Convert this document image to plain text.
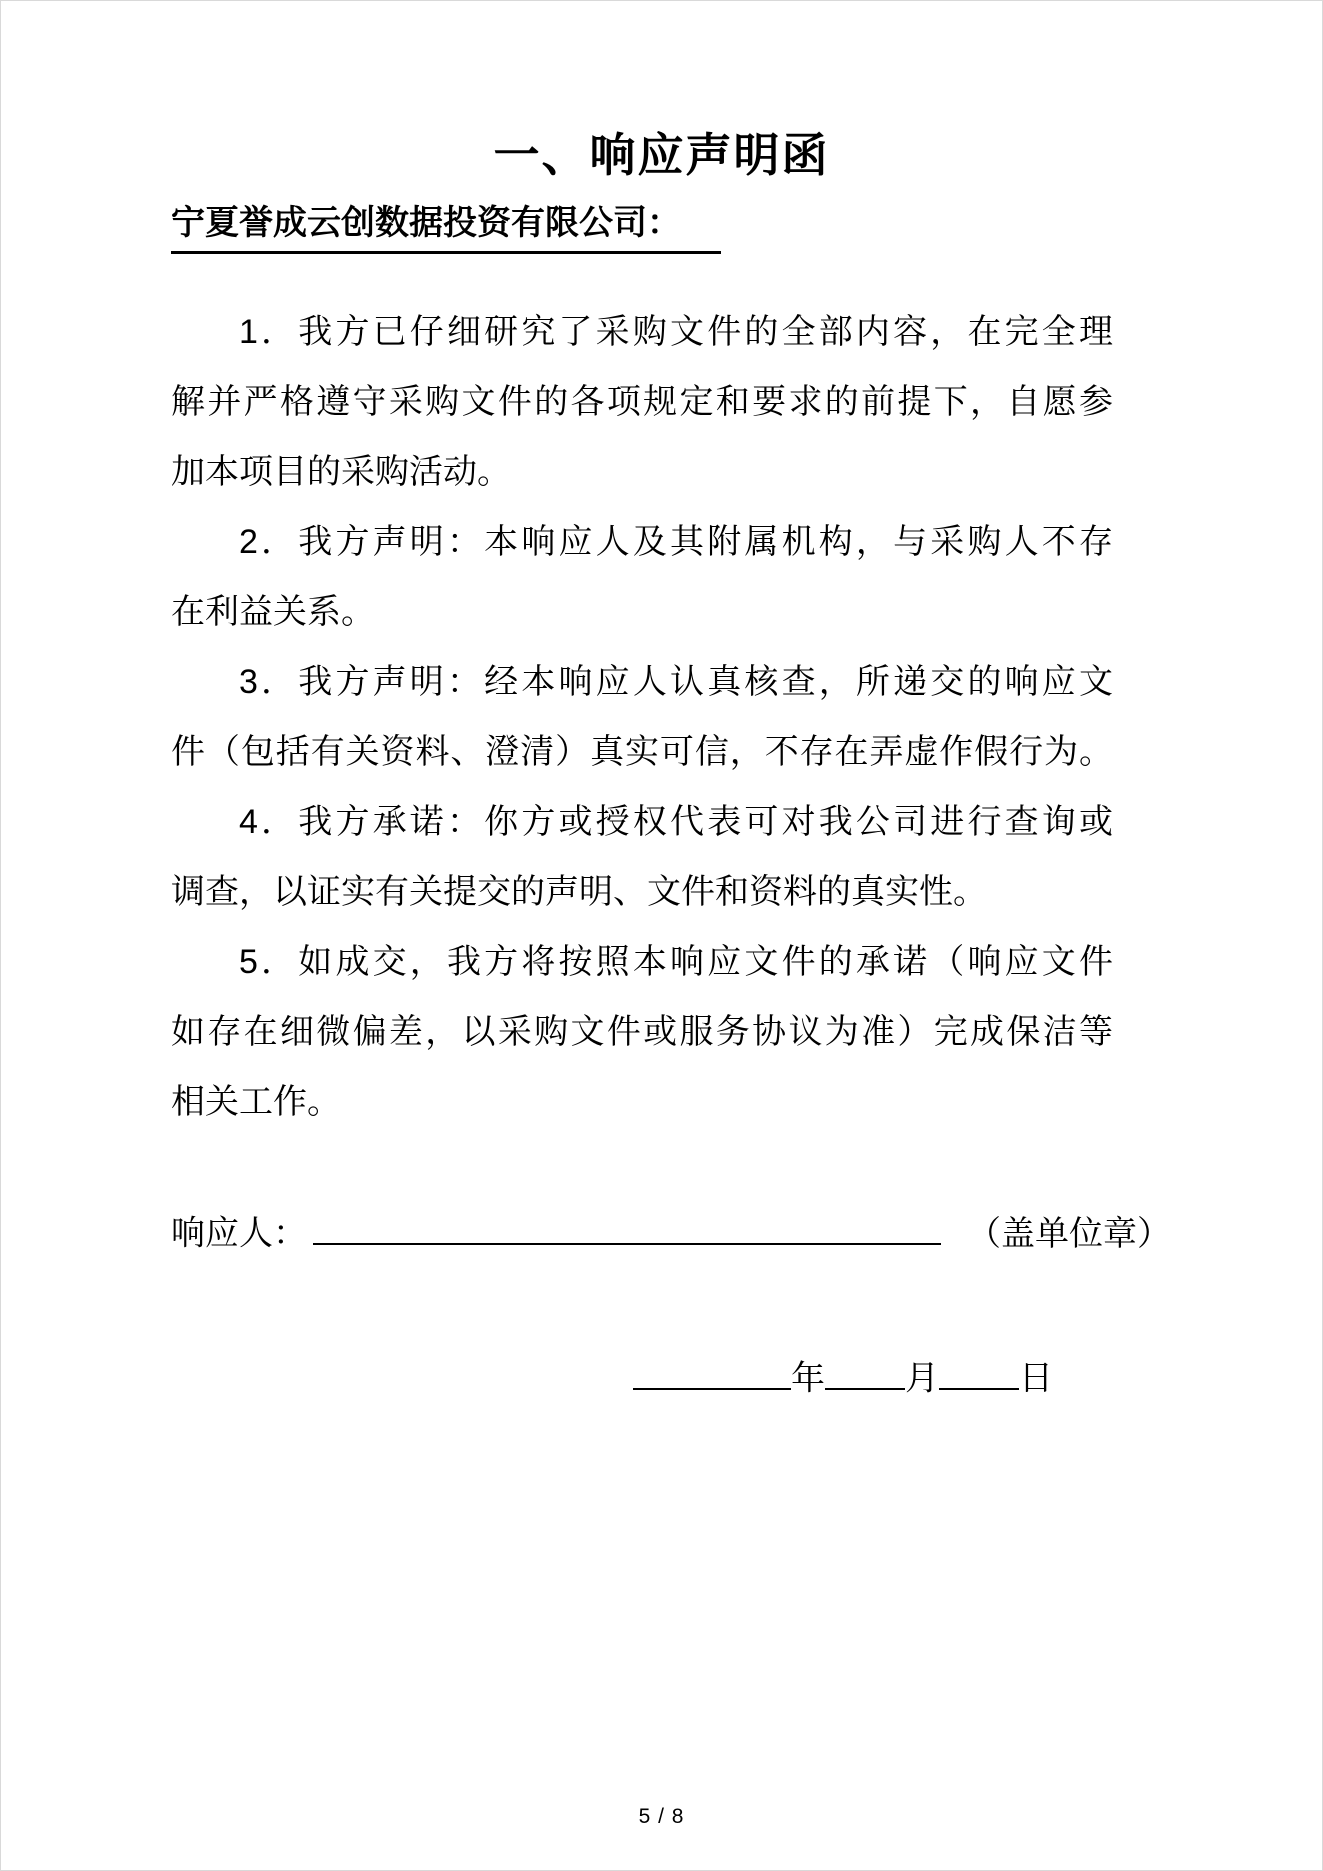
一、响应声明函
宁夏誉成云创数据投资有限公司：
1．我方已仔细研究了采购文件的全部内容，在完全理
解并严格遵守采购文件的各项规定和要求的前提下，自愿参
加本项目的采购活动。
2．我方声明：本响应人及其附属机构，与采购人不存
在利益关系。
3．我方声明：经本响应人认真核查，所递交的响应文
件（包括有关资料、澄清）真实可信，不存在弄虚作假行为。
4．我方承诺：你方或授权代表可对我公司进行查询或
调查，以证实有关提交的声明、文件和资料的真实性。
5．如成交，我方将按照本响应文件的承诺（响应文件
如存在细微偏差，以采购文件或服务协议为准）完成保洁等
相关工作。
响应人：	（盖单位章）
年 月 日
5 / 8
